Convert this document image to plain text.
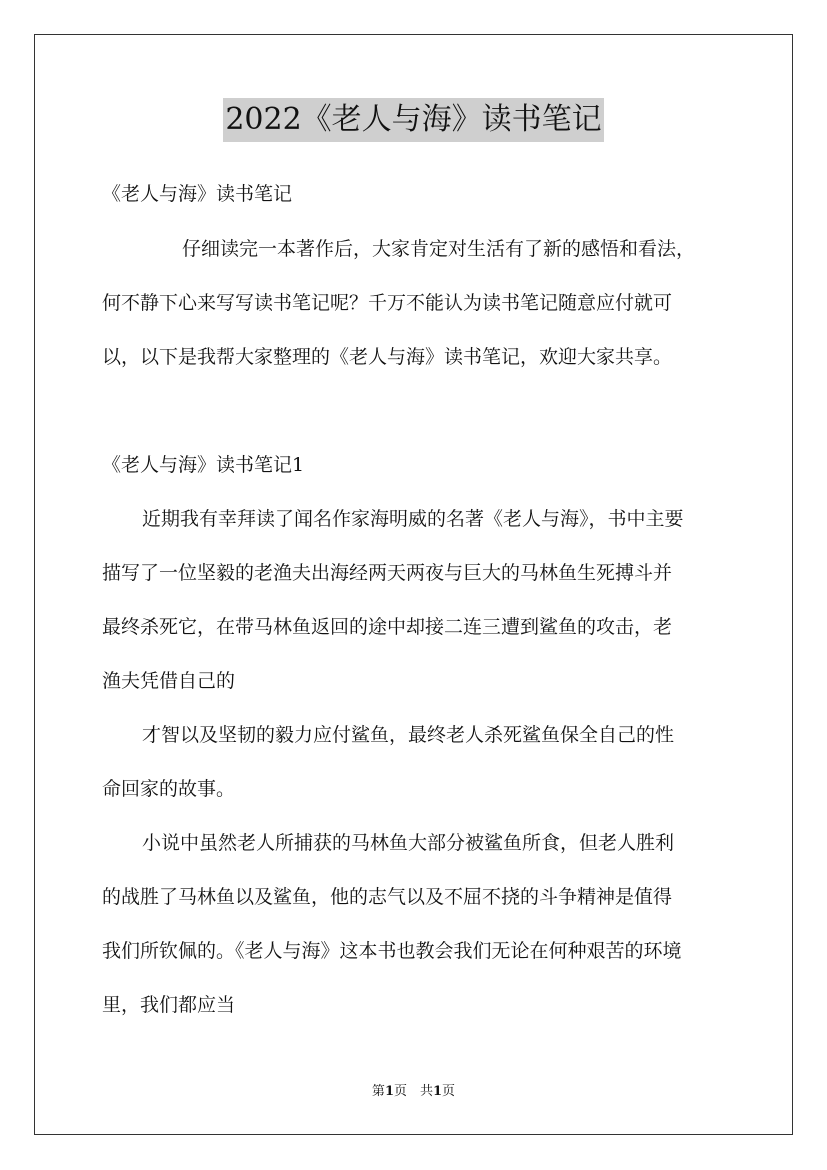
2022《老人与海》读书笔记
《老人与海》读书笔记
仔细读完一本著作后，大家肯定对生活有了新的感悟和看法，
何不静下心来写写读书笔记呢？千万不能认为读书笔记随意应付就可
以，以下是我帮大家整理的《老人与海》读书笔记，欢迎大家共享。
《老人与海》读书笔记1
近期我有幸拜读了闻名作家海明威的名著《老人与海》，书中主要
描写了一位坚毅的老渔夫出海经两天两夜与巨大的马林鱼生死搏斗并
最终杀死它，在带马林鱼返回的途中却接二连三遭到鲨鱼的攻击，老
渔夫凭借自己的
才智以及坚韧的毅力应付鲨鱼，最终老人杀死鲨鱼保全自己的性
命回家的故事。
小说中虽然老人所捕获的马林鱼大部分被鲨鱼所食，但老人胜利
的战胜了马林鱼以及鲨鱼，他的志气以及不屈不挠的斗争精神是值得
我们所钦佩的。《老人与海》这本书也教会我们无论在何种艰苦的环境
里，我们都应当
第1页　共1页
